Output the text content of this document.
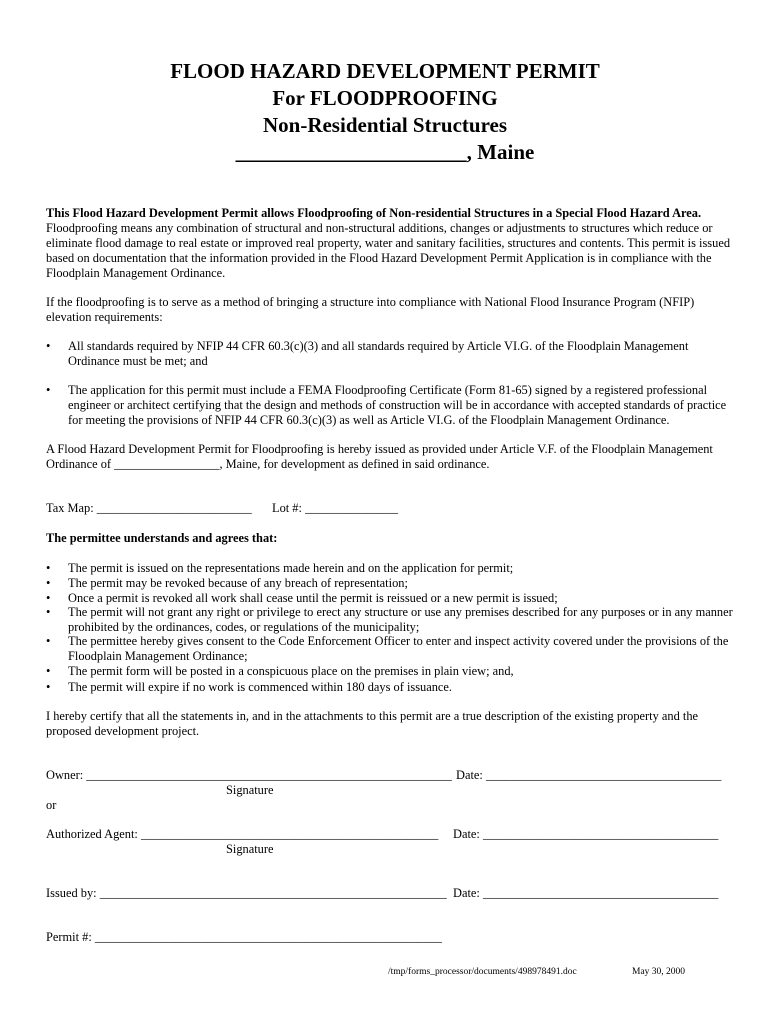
FLOOD HAZARD DEVELOPMENT PERMIT
For FLOODPROOFING
Non-Residential Structures
______________________, Maine
This Flood Hazard Development Permit allows Floodproofing of Non-residential Structures in a Special Flood Hazard Area. Floodproofing means any combination of structural and non-structural additions, changes or adjustments to structures which reduce or eliminate flood damage to real estate or improved real property, water and sanitary facilities, structures and contents. This permit is issued based on documentation that the information provided in the Flood Hazard Development Permit Application is in compliance with the Floodplain Management Ordinance.
If the floodproofing is to serve as a method of bringing a structure into compliance with National Flood Insurance Program (NFIP) elevation requirements:
• All standards required by NFIP 44 CFR 60.3(c)(3) and all standards required by Article VI.G. of the Floodplain Management Ordinance must be met; and
• The application for this permit must include a FEMA Floodproofing Certificate (Form 81-65) signed by a registered professional engineer or architect certifying that the design and methods of construction will be in accordance with accepted standards of practice for meeting the provisions of NFIP 44 CFR 60.3(c)(3) as well as Article VI.G. of the Floodplain Management Ordinance.
A Flood Hazard Development Permit for Floodproofing is hereby issued as provided under Article V.F. of the Floodplain Management Ordinance of _________________, Maine, for development as defined in said ordinance.
Tax Map: _________________________ Lot #: _______________
The permittee understands and agrees that:
• The permit is issued on the representations made herein and on the application for permit;
• The permit may be revoked because of any breach of representation;
• Once a permit is revoked all work shall cease until the permit is reissued or a new permit is issued;
• The permit will not grant any right or privilege to erect any structure or use any premises described for any purposes or in any manner prohibited by the ordinances, codes, or regulations of the municipality;
• The permittee hereby gives consent to the Code Enforcement Officer to enter and inspect activity covered under the provisions of the Floodplain Management Ordinance;
• The permit form will be posted in a conspicuous place on the premises in plain view; and,
• The permit will expire if no work is commenced within 180 days of issuance.
I hereby certify that all the statements in, and in the attachments to this permit are a true description of the existing property and the proposed development project.
Owner: ___________________________________________________________ Date: ______________________________________
Signature
or
Authorized Agent: ________________________________________________ Date: ______________________________________
Signature
Issued by: ________________________________________________________ Date: ______________________________________
Permit #: ________________________________________________________
/tmp/forms_processor/documents/498978491.doc	May 30, 2000
